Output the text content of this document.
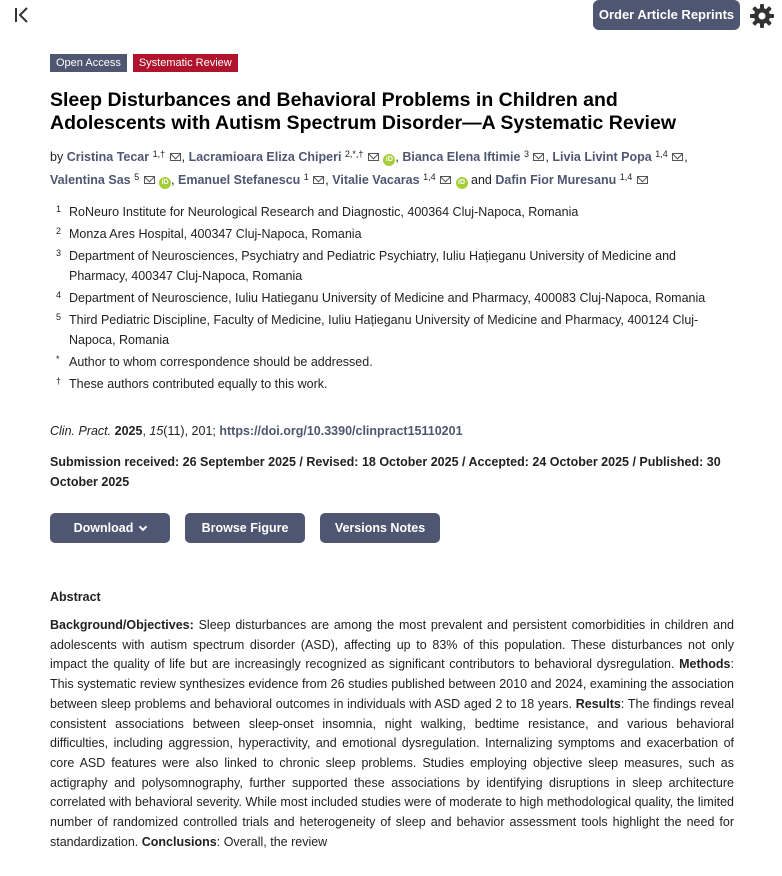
Order Article Reprints
Open Access	Systematic Review
Sleep Disturbances and Behavioral Problems in Children and Adolescents with Autism Spectrum Disorder—A Systematic Review
by Cristina Tecar $^{1,\dagger}$ , Lacramioara Eliza Chiperi $^{2,*,\dagger}$  iD , Bianca Elena Iftimie $^3$ , Livia Livint Popa $^{1,4}$ , Valentina Sas $^5$  iD , Emanuel Stefanescu $^1$ , Vitalie Vacaras $^{1,4}$  iD and Dafin Fior Muresanu $^{1,4}$
1 RoNeuro Institute for Neurological Research and Diagnostic, 400364 Cluj-Napoca, Romania
2 Monza Ares Hospital, 400347 Cluj-Napoca, Romania
3 Department of Neurosciences, Psychiatry and Pediatric Psychiatry, Iuliu Hațieganu University of Medicine and Pharmacy, 400347 Cluj-Napoca, Romania
4 Department of Neuroscience, Iuliu Hatieganu University of Medicine and Pharmacy, 400083 Cluj-Napoca, Romania
5 Third Pediatric Discipline, Faculty of Medicine, Iuliu Hațieganu University of Medicine and Pharmacy, 400124 Cluj-Napoca, Romania
* Author to whom correspondence should be addressed.
† These authors contributed equally to this work.
Clin. Pract. 2025, 15(11), 201; https://doi.org/10.3390/clinpract15110201
Submission received: 26 September 2025 / Revised: 18 October 2025 / Accepted: 24 October 2025 / Published: 30 October 2025
Download	Browse Figure	Versions Notes
Abstract
Background/Objectives: Sleep disturbances are among the most prevalent and persistent comorbidities in children and adolescents with autism spectrum disorder (ASD), affecting up to 83% of this population. These disturbances not only impact the quality of life but are increasingly recognized as significant contributors to behavioral dysregulation. Methods: This systematic review synthesizes evidence from 26 studies published between 2010 and 2024, examining the association between sleep problems and behavioral outcomes in individuals with ASD aged 2 to 18 years. Results: The findings reveal consistent associations between sleep-onset insomnia, night walking, bedtime resistance, and various behavioral difficulties, including aggression, hyperactivity, and emotional dysregulation. Internalizing symptoms and exacerbation of core ASD features were also linked to chronic sleep problems. Studies employing objective sleep measures, such as actigraphy and polysomnography, further supported these associations by identifying disruptions in sleep architecture correlated with behavioral severity. While most included studies were of moderate to high methodological quality, the limited number of randomized controlled trials and heterogeneity of sleep and behavior assessment tools highlight the need for standardization. Conclusions: Overall, the review
